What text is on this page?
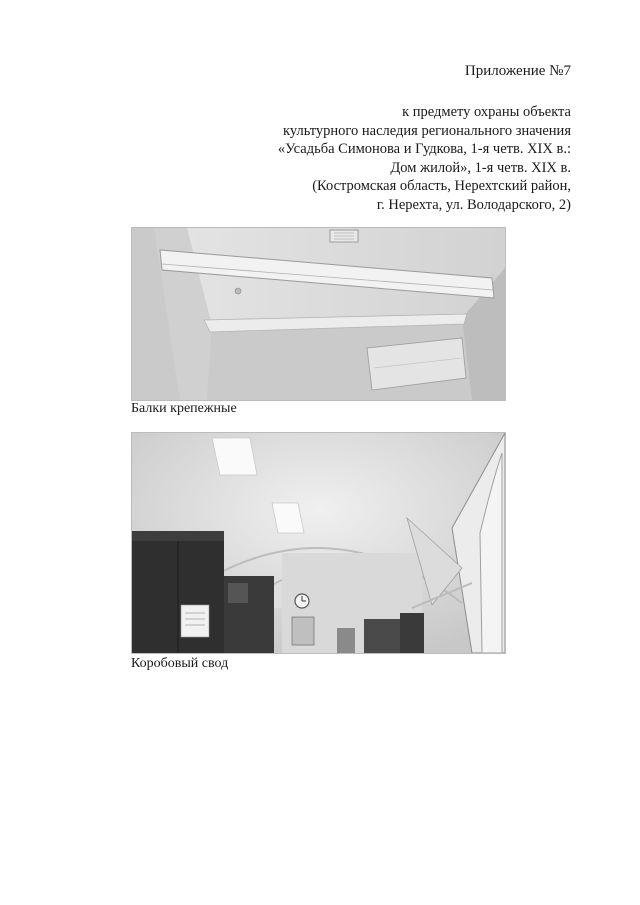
Приложение №7
к предмету охраны объекта
культурного наследия регионального значения
«Усадьба Симонова и Гудкова, 1-я четв. XIX в.:
Дом жилой», 1-я четв. XIX в.
(Костромская область, Нерехтский район,
г. Нерехта, ул. Володарского, 2)
Балки крепежные
Коробовый свод
